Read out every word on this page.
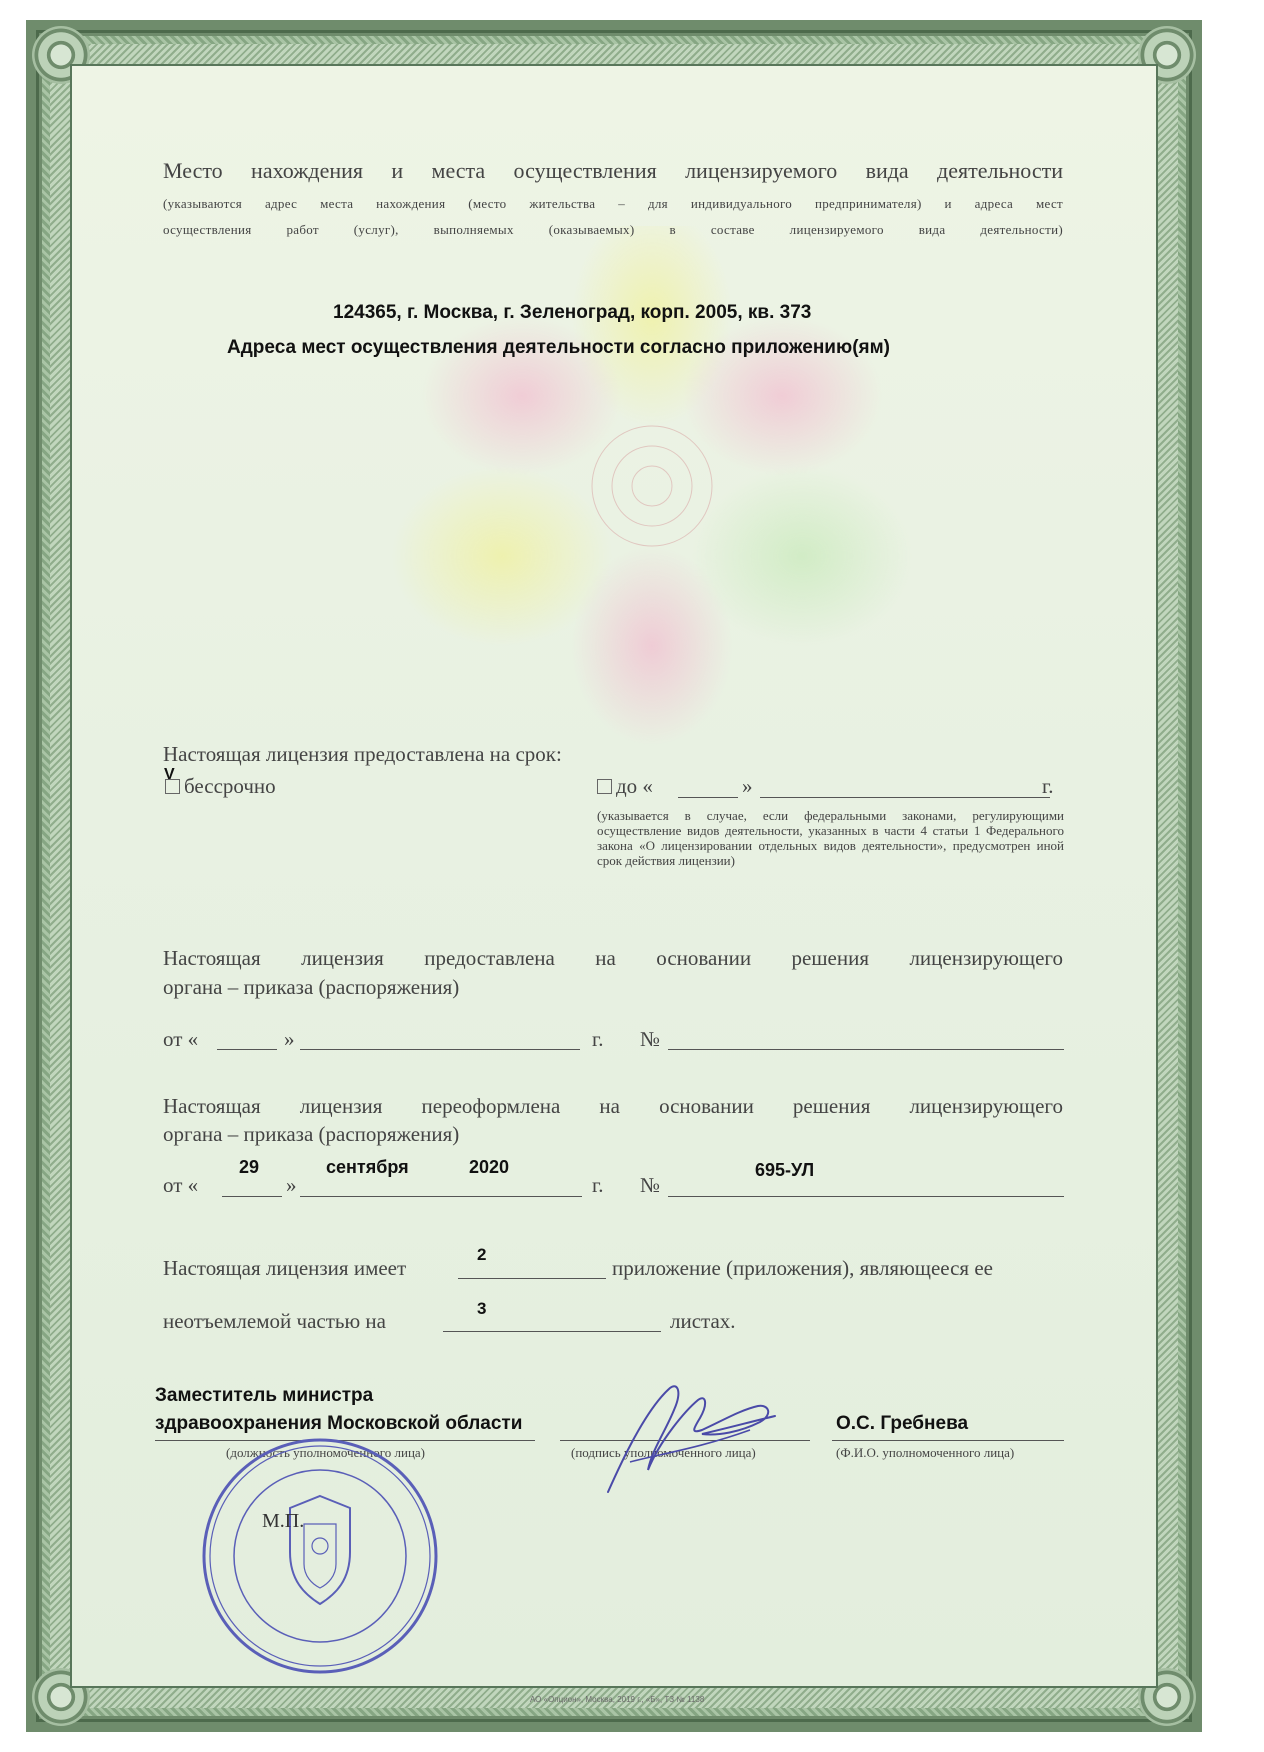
Место нахождения и места осуществления лицензируемого вида деятельности
(указываются адрес места нахождения (место жительства – для индивидуального предпринимателя) и адреса мест
осуществления работ (услуг), выполняемых (оказываемых) в составе лицензируемого вида деятельности)
124365, г. Москва, г. Зеленоград, корп. 2005, кв. 373
Адреса мест осуществления деятельности согласно приложению(ям)
Настоящая лицензия предоставлена на срок:
V бессрочно	до «	»	г.
(указывается в случае, если федеральными законами, регулирующими осуществление видов деятельности, указанных в части 4 статьи 1 Федерального закона «О лицензировании отдельных видов деятельности», предусмотрен иной срок действия лицензии)
Настоящая лицензия предоставлена на основании решения лицензирующего
органа – приказа (распоряжения)
от «	»	г. №
Настоящая лицензия переоформлена на основании решения лицензирующего
органа – приказа (распоряжения)
29	сентября	2020	695-УЛ
от «	»	г. №
2
Настоящая лицензия имеет	приложение (приложения), являющееся ее
3
неотъемлемой частью на	листах.
Заместитель министра
здравоохранения Московской области	О.С. Гребнева
(должность уполномоченного лица)	(подпись уполномоченного лица)	(Ф.И.О. уполномоченного лица)
М.П.
АО «Опцион», Москва, 2019 г., «Б», ТЗ № 1138
